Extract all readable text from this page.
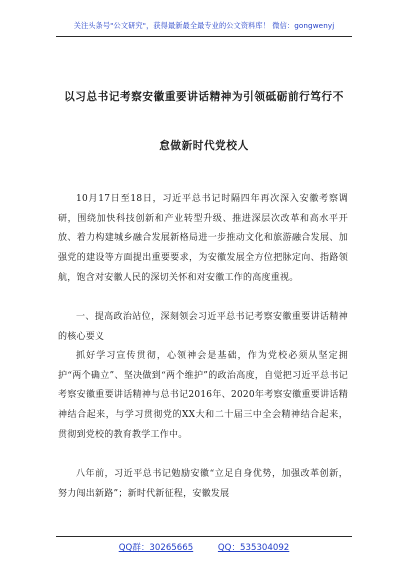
关注头条号"公文研究"，获得最新最全最专业的公文资料库！ 微信：gongwenyj
以习总书记考察安徽重要讲话精神为引领砥砺前行笃行不
怠做新时代党校人

10月17日至18日，习近平总书记时隔四年再次深入安徽考察调研，围绕加快科技创新和产业转型升级、推进深层次改革和高水平开放、着力构建城乡融合发展新格局进一步推动文化和旅游融合发展、加强党的建设等方面提出重要要求，为安徽发展全方位把脉定向、指路领航，饱含对安徽人民的深切关怀和对安徽工作的高度重视。

一、提高政治站位，深刻领会习近平总书记考察安徽重要讲话精神的核心要义

抓好学习宣传贯彻，心领神会是基础，作为党校必须从坚定拥护“两个确立”、坚决做到“两个维护”的政治高度，自觉把习近平总书记考察安徽重要讲话精神与总书记2016年、2020年考察安徽重要讲话精神结合起来，与学习贯彻党的XX大和二十届三中全会精神结合起来，贯彻到党校的教育教学工作中。

八年前，习近平总书记勉励安徽“立足自身优势，加强改革创新，努力闯出新路”；新时代新征程，安徽发展

QQ群：30265665	QQ：535304092
